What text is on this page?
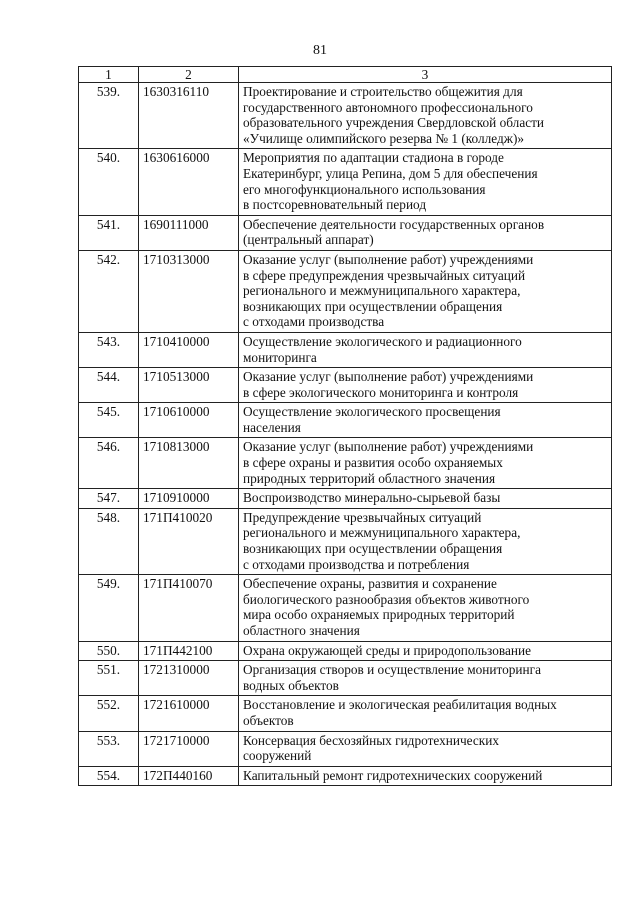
81
1	2	3
539.	1630316110	Проектирование и строительство общежития для
государственного автономного профессионального
образовательного учреждения Свердловской области
«Училище олимпийского резерва № 1 (колледж)»
540.	1630616000	Мероприятия по адаптации стадиона в городе
Екатеринбург, улица Репина, дом 5 для обеспечения
его многофункционального использования
в постсоревновательный период
541.	1690111000	Обеспечение деятельности государственных органов
(центральный аппарат)
542.	1710313000	Оказание услуг (выполнение работ) учреждениями
в сфере предупреждения чрезвычайных ситуаций
регионального и межмуниципального характера,
возникающих при осуществлении обращения
с отходами производства
543.	1710410000	Осуществление экологического и радиационного
мониторинга
544.	1710513000	Оказание услуг (выполнение работ) учреждениями
в сфере экологического мониторинга и контроля
545.	1710610000	Осуществление экологического просвещения
населения
546.	1710813000	Оказание услуг (выполнение работ) учреждениями
в сфере охраны и развития особо охраняемых
природных территорий областного значения
547.	1710910000	Воспроизводство минерально-сырьевой базы
548.	171П410020	Предупреждение чрезвычайных ситуаций
регионального и межмуниципального характера,
возникающих при осуществлении обращения
с отходами производства и потребления
549.	171П410070	Обеспечение охраны, развития и сохранение
биологического разнообразия объектов животного
мира особо охраняемых природных территорий
областного значения
550.	171П442100	Охрана окружающей среды и природопользование
551.	1721310000	Организация створов и осуществление мониторинга
водных объектов
552.	1721610000	Восстановление и экологическая реабилитация водных
объектов
553.	1721710000	Консервация бесхозяйных гидротехнических
сооружений
554.	172П440160	Капитальный ремонт гидротехнических сооружений
